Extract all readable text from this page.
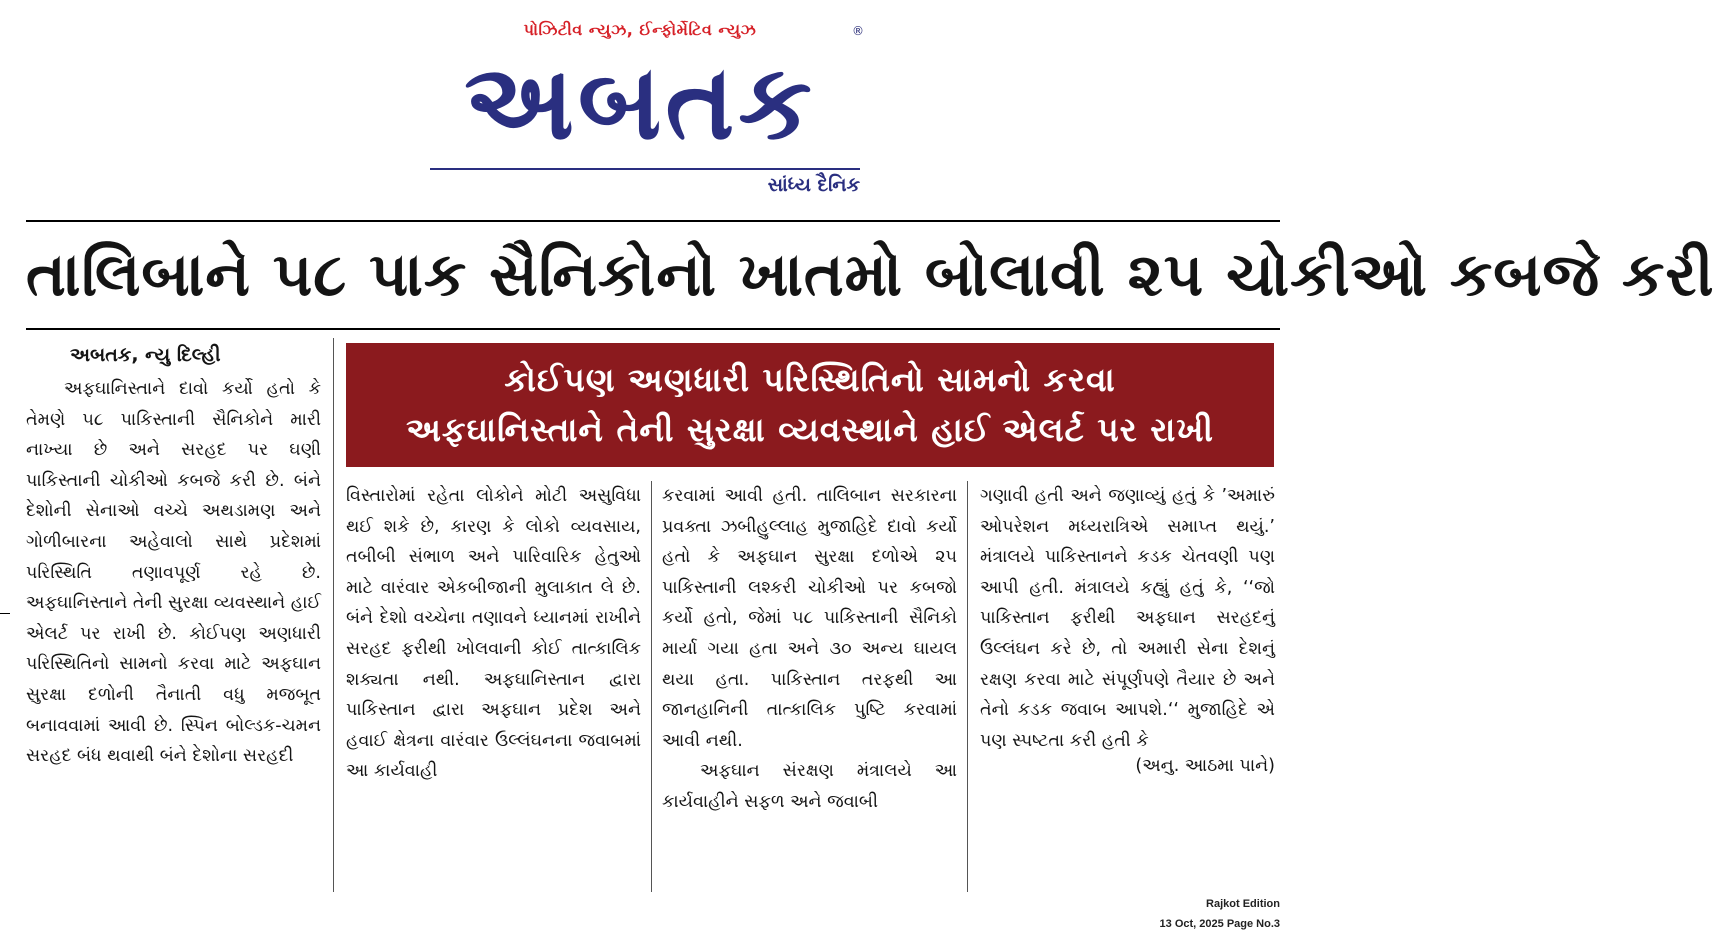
પોઝિટીવ ન્યુઝ, ઈન્ફોર્મેટિવ ન્યુઝ	®
અબતક
સાંધ્ય દૈનિક
તાલિબાને ૫૮ પાક સૈનિકોનો ખાતમો બોલાવી ૨૫ ચોકીઓ કબજે કરી
અબતક, ન્યુ દિલ્હી

અફઘાનિસ્તાને દાવો કર્યો હતો કે તેમણે ૫૮ પાકિસ્તાની સૈનિકોને મારી નાખ્યા છે અને સરહદ પર ઘણી પાકિસ્તાની ચોકીઓ કબજે કરી છે. બંને દેશોની સેનાઓ વચ્ચે અથડામણ અને ગોળીબારના અહેવાલો સાથે પ્રદેશમાં પરિસ્થિતિ તણાવપૂર્ણ રહે છે. અફઘાનિસ્તાને તેની સુરક્ષા વ્યવસ્થાને હાઈ એલર્ટ પર રાખી છે. કોઈપણ અણધારી પરિસ્થિતિનો સામનો કરવા માટે અફઘાન સુરક્ષા દળોની તૈનાતી વધુ મજબૂત બનાવવામાં આવી છે. સ્પિન બોલ્ડક-ચમન સરહદ બંધ થવાથી બંને દેશોના સરહદી

કોઈપણ અણધારી પરિસ્થિતિનો સામનો કરવા
અફઘાનિસ્તાને તેની સુરક્ષા વ્યવસ્થાને હાઈ એલર્ટ પર રાખી

વિસ્તારોમાં રહેતા લોકોને મોટી અસુવિધા થઈ શકે છે, કારણ કે લોકો વ્યવસાય, તબીબી સંભાળ અને પારિવારિક હેતુઓ માટે વારંવાર એકબીજાની મુલાકાત લે છે. બંને દેશો વચ્ચેના તણાવને ધ્યાનમાં રાખીને સરહદ ફરીથી ખોલવાની કોઈ તાત્કાલિક શક્યતા નથી. અફઘાનિસ્તાન દ્વારા પાકિસ્તાન દ્વારા અફઘાન પ્રદેશ અને હવાઈ ક્ષેત્રના વારંવાર ઉલ્લંઘનના જવાબમાં આ કાર્યવાહી

કરવામાં આવી હતી. તાલિબાન સરકારના પ્રવક્તા ઝબીહુલ્લાહ મુજાહિદે દાવો કર્યો હતો કે અફઘાન સુરક્ષા દળોએ ૨૫ પાકિસ્તાની લશ્કરી ચોકીઓ પર કબજો કર્યો હતો, જેમાં ૫૮ પાકિસ્તાની સૈનિકો માર્યા ગયા હતા અને ૩૦ અન્ય ઘાયલ થયા હતા. પાકિસ્તાન તરફથી આ જાનહાનિની તાત્કાલિક પુષ્ટિ કરવામાં આવી નથી.

અફઘાન સંરક્ષણ મંત્રાલયે આ કાર્યવાહીને સફળ અને જવાબી

ગણાવી હતી અને જણાવ્યું હતું કે ’અમારું ઓપરેશન મધ્યરાત્રિએ સમાપ્ત થયું.’ મંત્રાલયે પાકિસ્તાનને કડક ચેતવણી પણ આપી હતી. મંત્રાલયે કહ્યું હતું કે, ‘‘જો પાકિસ્તાન ફરીથી અફઘાન સરહદનું ઉલ્લંઘન કરે છે, તો અમારી સેના દેશનું રક્ષણ કરવા માટે સંપૂર્ણપણે તૈયાર છે અને તેનો કડક જવાબ આપશે.‘‘ મુજાહિદે એ પણ સ્પષ્ટતા કરી હતી કે

(અનુ. આઠમા પાને)

Rajkot Edition
13 Oct, 2025 Page No.3
